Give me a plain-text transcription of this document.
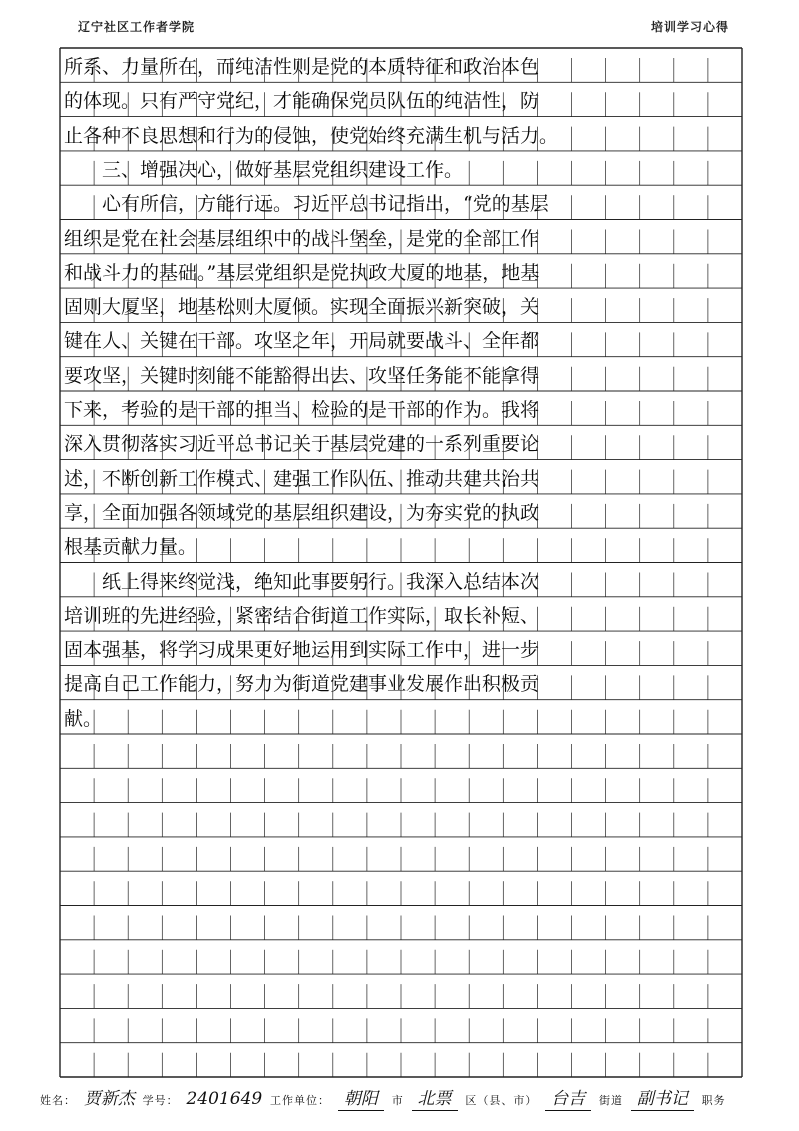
辽宁社区工作者学院	培训学习心得
所系、力量所在，而纯洁性则是党的本质特征和政治本色
的体现。只有严守党纪，才能确保党员队伍的纯洁性，防
止各种不良思想和行为的侵蚀，使党始终充满生机与活力。
　　三、增强决心，做好基层党组织建设工作。
　　心有所信，方能行远。习近平总书记指出，“党的基层
组织是党在社会基层组织中的战斗堡垒，是党的全部工作
和战斗力的基础。”基层党组织是党执政大厦的地基，地基
固则大厦坚，地基松则大厦倾。实现全面振兴新突破，关
键在人、关键在干部。攻坚之年，开局就要战斗、全年都
要攻坚，关键时刻能不能豁得出去、攻坚任务能不能拿得
下来，考验的是干部的担当、检验的是干部的作为。我将
深入贯彻落实习近平总书记关于基层党建的一系列重要论
述，不断创新工作模式、建强工作队伍、推动共建共治共
享，全面加强各领域党的基层组织建设，为夯实党的执政
根基贡献力量。
　　纸上得来终觉浅，绝知此事要躬行。我深入总结本次
培训班的先进经验，紧密结合街道工作实际，取长补短、
固本强基，将学习成果更好地运用到实际工作中，进一步
提高自己工作能力，努力为街道党建事业发展作出积极贡
献。
姓名： 贾新杰 学号： 2401649 工作单位： 朝阳 市 北票 区（县、市） 台吉 街道 副书记 职务
